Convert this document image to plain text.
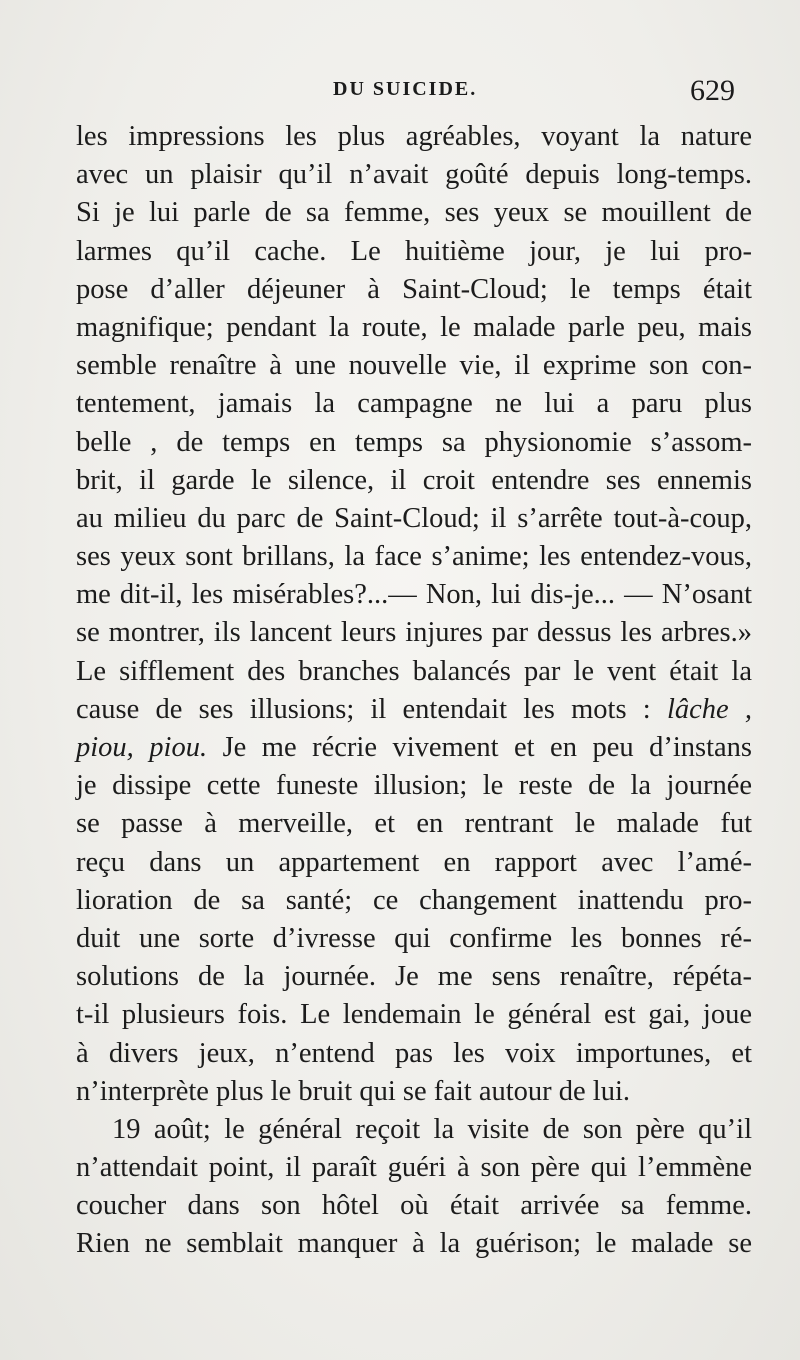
DU SUICIDE.	629
les impressions les plus agréables, voyant la nature
avec un plaisir qu’il n’avait goûté depuis long-temps.
Si je lui parle de sa femme, ses yeux se mouillent de
larmes qu’il cache. Le huitième jour, je lui pro-
pose d’aller déjeuner à Saint-Cloud; le temps était
magnifique; pendant la route, le malade parle peu, mais
semble renaître à une nouvelle vie, il exprime son con-
tentement, jamais la campagne ne lui a paru plus
belle , de temps en temps sa physionomie s’assom-
brit, il garde le silence, il croit entendre ses ennemis
au milieu du parc de Saint-Cloud; il s’arrête tout-à-coup,
ses yeux sont brillans, la face s’anime; les entendez-vous,
me dit-il, les misérables?...— Non, lui dis-je... — N’osant
se montrer, ils lancent leurs injures par dessus les arbres.»
Le sifflement des branches balancés par le vent était la
cause de ses illusions; il entendait les mots : lâche ,
piou, piou. Je me récrie vivement et en peu d’instans
je dissipe cette funeste illusion; le reste de la journée
se passe à merveille, et en rentrant le malade fut
reçu dans un appartement en rapport avec l’amé-
lioration de sa santé; ce changement inattendu pro-
duit une sorte d’ivresse qui confirme les bonnes ré-
solutions de la journée. Je me sens renaître, répéta-
t-il plusieurs fois. Le lendemain le général est gai, joue
à divers jeux, n’entend pas les voix importunes, et
n’interprète plus le bruit qui se fait autour de lui.
19 août; le général reçoit la visite de son père qu’il
n’attendait point, il paraît guéri à son père qui l’emmène
coucher dans son hôtel où était arrivée sa femme.
Rien ne semblait manquer à la guérison; le malade se
